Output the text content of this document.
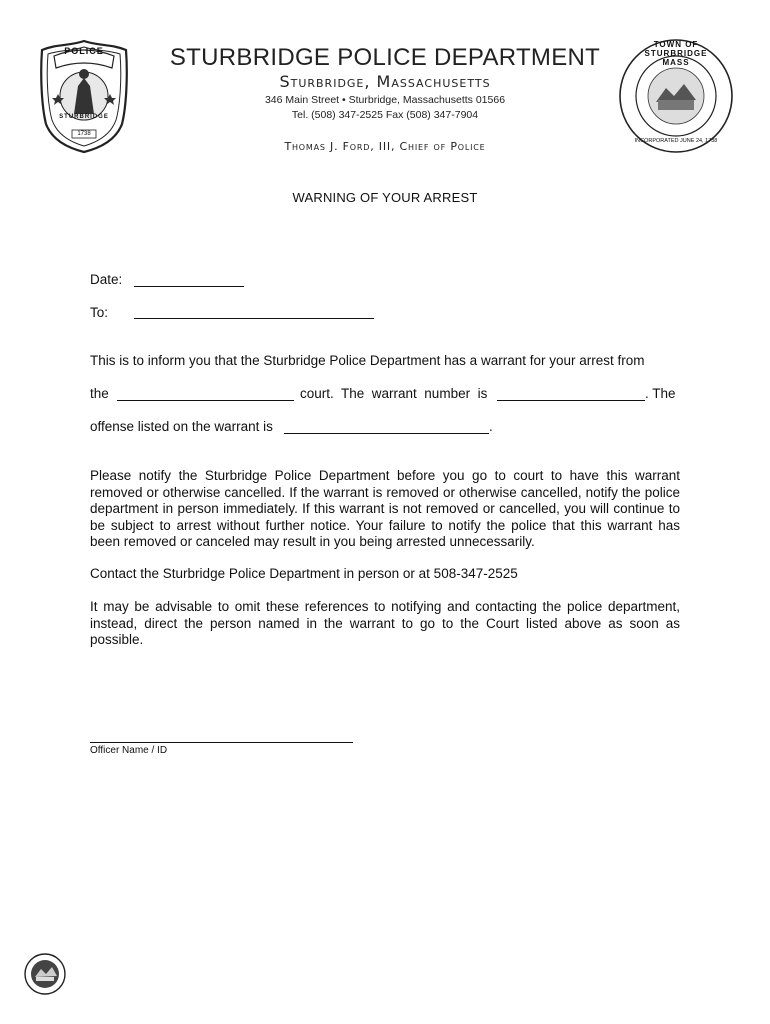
POLICE
STURBRIDGE
1738
STURBRIDGE POLICE DEPARTMENT
Sturbridge, Massachusetts
346 Main Street • Sturbridge, Massachusetts 01566
Tel. (508) 347-2525 Fax (508) 347-7904
Thomas J. Ford, III, Chief of Police
TOWN OF STURBRIDGE MASS
INCORPORATED JUNE 24, 1738
WARNING OF YOUR ARREST
Date:
To:
This is to inform you that the Sturbridge Police Department has a warrant for your arrest from
the	court.  The  warrant  number  is	. The
offense listed on the warrant is	.
Please notify the Sturbridge Police Department before you go to court to have this warrant removed or otherwise cancelled. If the warrant is removed or otherwise cancelled, notify the police department in person immediately. If this warrant is not removed or cancelled, you will continue to be subject to arrest without further notice. Your failure to notify the police that this warrant has been removed or canceled may result in you being arrested unnecessarily.
Contact the Sturbridge Police Department in person or at 508-347-2525
It may be advisable to omit these references to notifying and contacting the police department, instead, direct the person named in the warrant to go to the Court listed above as soon as possible.
Officer Name / ID
